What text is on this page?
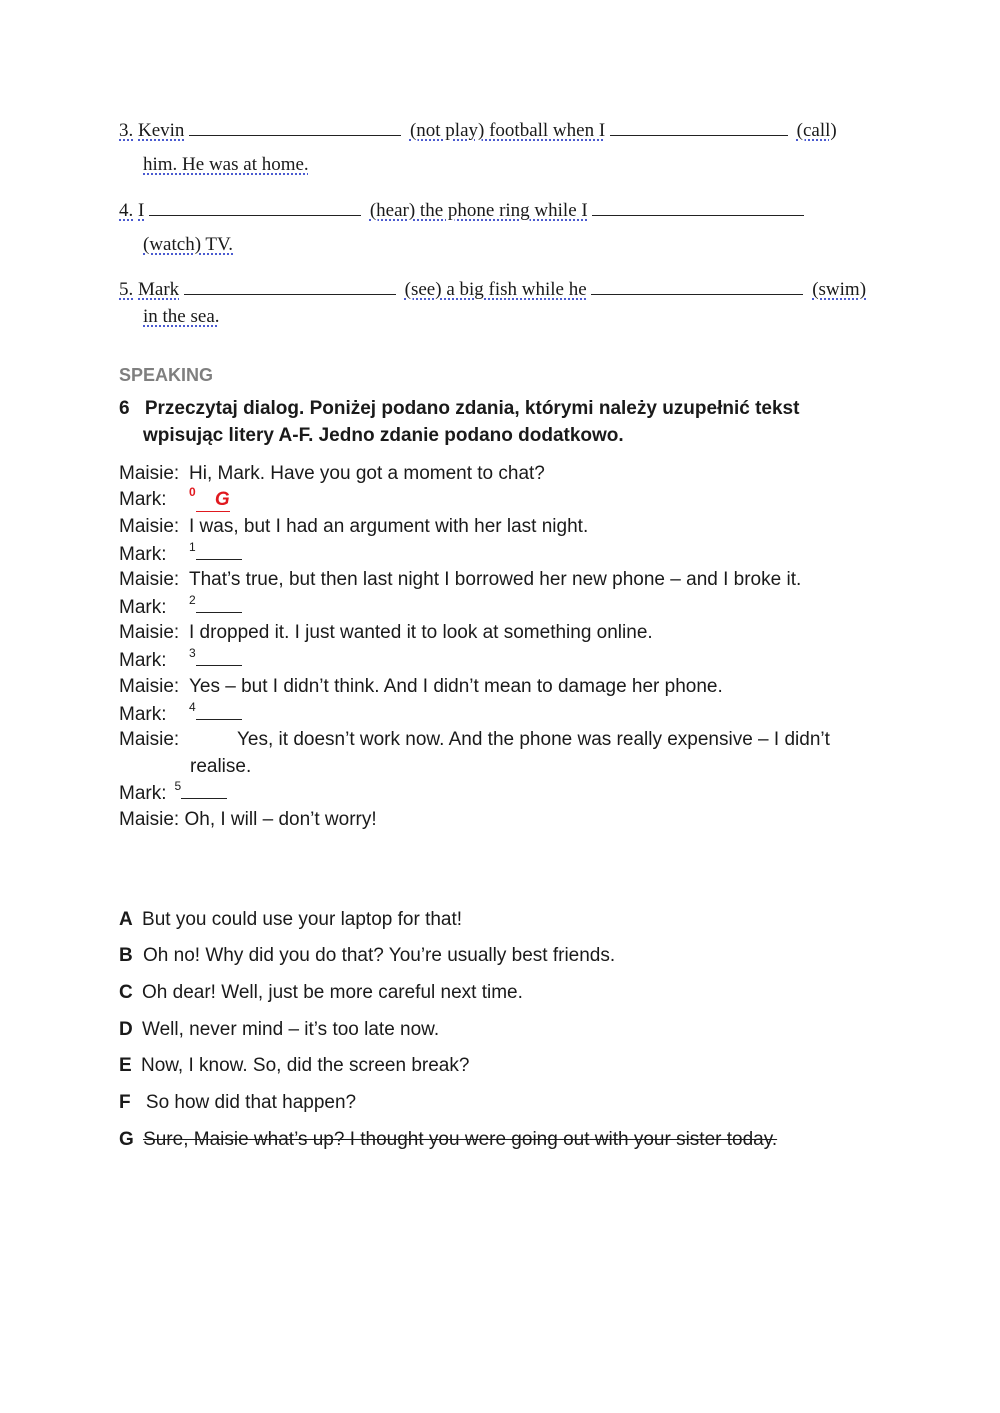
3. Kevin	(not play) football when I	(call)
him. He was at home.
4. I	(hear) the phone ring while I
(watch) TV.
5. Mark	(see) a big fish while he	(swim)
in the sea.
SPEAKING
6 Przeczytaj dialog. Poniżej podano zdania, którymi należy uzupełnić tekst
wpisując litery A-F. Jedno zdanie podano dodatkowo.
Maisie: Hi, Mark. Have you got a moment to chat?
Mark: $^0$ G
Maisie: I was, but I had an argument with her last night.
Mark: $^1$
Maisie: That’s true, but then last night I borrowed her new phone – and I broke it.
Mark: $^2$
Maisie: I dropped it. I just wanted it to look at something online.
Mark: $^3$
Maisie: Yes – but I didn’t think. And I didn’t mean to damage her phone.
Mark: $^4$
Maisie:	Yes, it doesn’t work now. And the phone was really expensive – I didn’t
realise.
Mark: $^5$
Maisie: Oh, I will – don’t worry!
A But you could use your laptop for that!
B Oh no! Why did you do that? You’re usually best friends.
C Oh dear! Well, just be more careful next time.
D Well, never mind – it’s too late now.
E Now, I know. So, did the screen break?
F So how did that happen?
G Sure, Maisie what’s up? I thought you were going out with your sister today.
